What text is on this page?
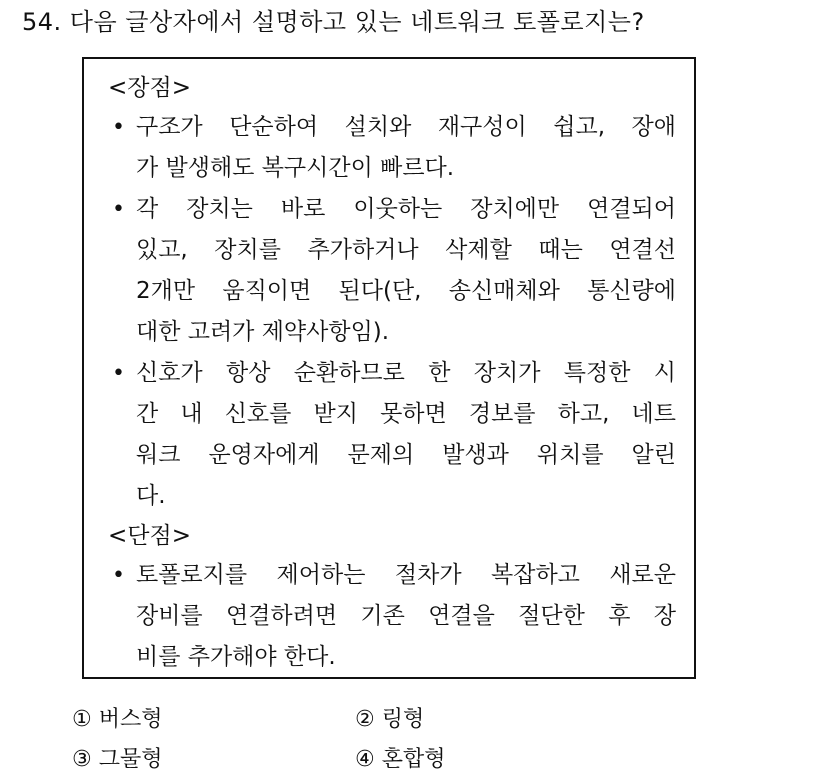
54. 다음 글상자에서 설명하고 있는 네트워크 토폴로지는?
<장점>
• 구조가 단순하여 설치와 재구성이 쉽고, 장애
가 발생해도 복구시간이 빠르다.
• 각 장치는 바로 이웃하는 장치에만 연결되어
있고, 장치를 추가하거나 삭제할 때는 연결선
2개만 움직이면 된다(단, 송신매체와 통신량에
대한 고려가 제약사항임).
• 신호가 항상 순환하므로 한 장치가 특정한 시
간 내 신호를 받지 못하면 경보를 하고, 네트
워크 운영자에게 문제의 발생과 위치를 알린
다.
<단점>
• 토폴로지를 제어하는 절차가 복잡하고 새로운
장비를 연결하려면 기존 연결을 절단한 후 장
비를 추가해야 한다.
① 버스형	② 링형
③ 그물형	④ 혼합형
